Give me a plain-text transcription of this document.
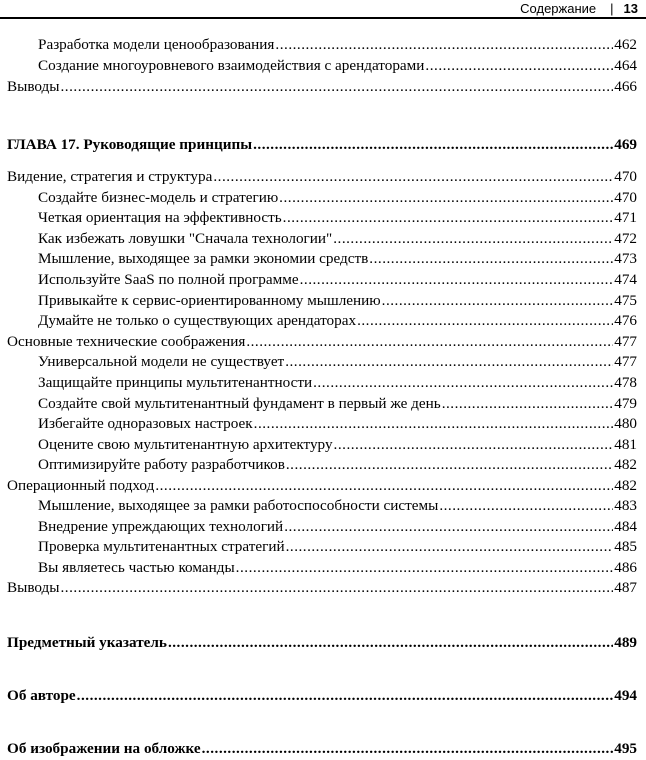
Содержание | 13
Разработка модели ценообразования .....	462
Создание многоуровневого взаимодействия с арендаторами .....	464
Выводы .....	466
ГЛАВА 17. Руководящие принципы .....	469
Видение, стратегия и структура .....	470
Создайте бизнес-модель и стратегию .....	470
Четкая ориентация на эффективность .....	471
Как избежать ловушки "Сначала технологии" .....	472
Мышление, выходящее за рамки экономии средств .....	473
Используйте SaaS по полной программе .....	474
Привыкайте к сервис-ориентированному мышлению .....	475
Думайте не только о существующих арендаторах .....	476
Основные технические соображения .....	477
Универсальной модели не существует .....	477
Защищайте принципы мультитенантности .....	478
Создайте свой мультитенантный фундамент в первый же день .....	479
Избегайте одноразовых настроек .....	480
Оцените свою мультитенантную архитектуру .....	481
Оптимизируйте работу разработчиков .....	482
Операционный подход .....	482
Мышление, выходящее за рамки работоспособности системы .....	483
Внедрение упреждающих технологий .....	484
Проверка мультитенантных стратегий .....	485
Вы являетесь частью команды .....	486
Выводы .....	487
Предметный указатель .....	489
Об авторе .....	494
Об изображении на обложке .....	495
